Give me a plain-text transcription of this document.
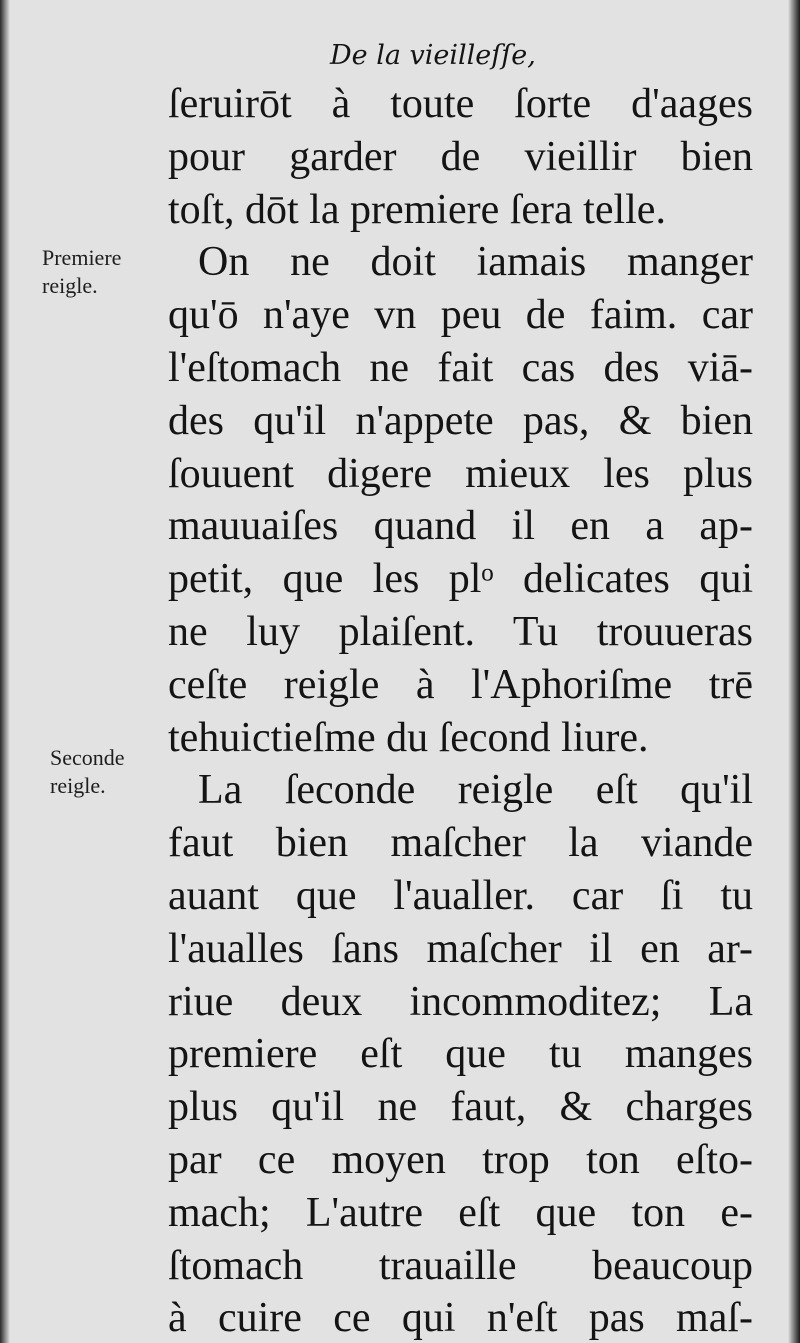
De la vieilleſſe,
Premiere
reigle.
Seconde
reigle.
ſeruirōt à toute ſorte d'aages
pour garder de vieillir bien
toſt, dōt la premiere ſera telle.
On ne doit iamais manger
qu'ō n'aye vn peu de faim. car
l'eſtomach ne fait cas des viā-
des qu'il n'appete pas, & bien
ſouuent digere mieux les plus
mauuaiſes quand il en a ap-
petit, que les plᵒ delicates qui
ne luy plaiſent. Tu trouueras
ceſte reigle à l'Aphoriſme trē
tehuictieſme du ſecond liure.
La ſeconde reigle eſt qu'il
faut bien maſcher la viande
auant que l'aualler. car ſi tu
l'aualles ſans maſcher il en ar-
riue deux incommoditez; La
premiere eſt que tu manges
plus qu'il ne faut, & charges
par ce moyen trop ton eſto-
mach; L'autre eſt que ton e-
ſtomach trauaille beaucoup
à cuire ce qui n'eſt pas maſ-
